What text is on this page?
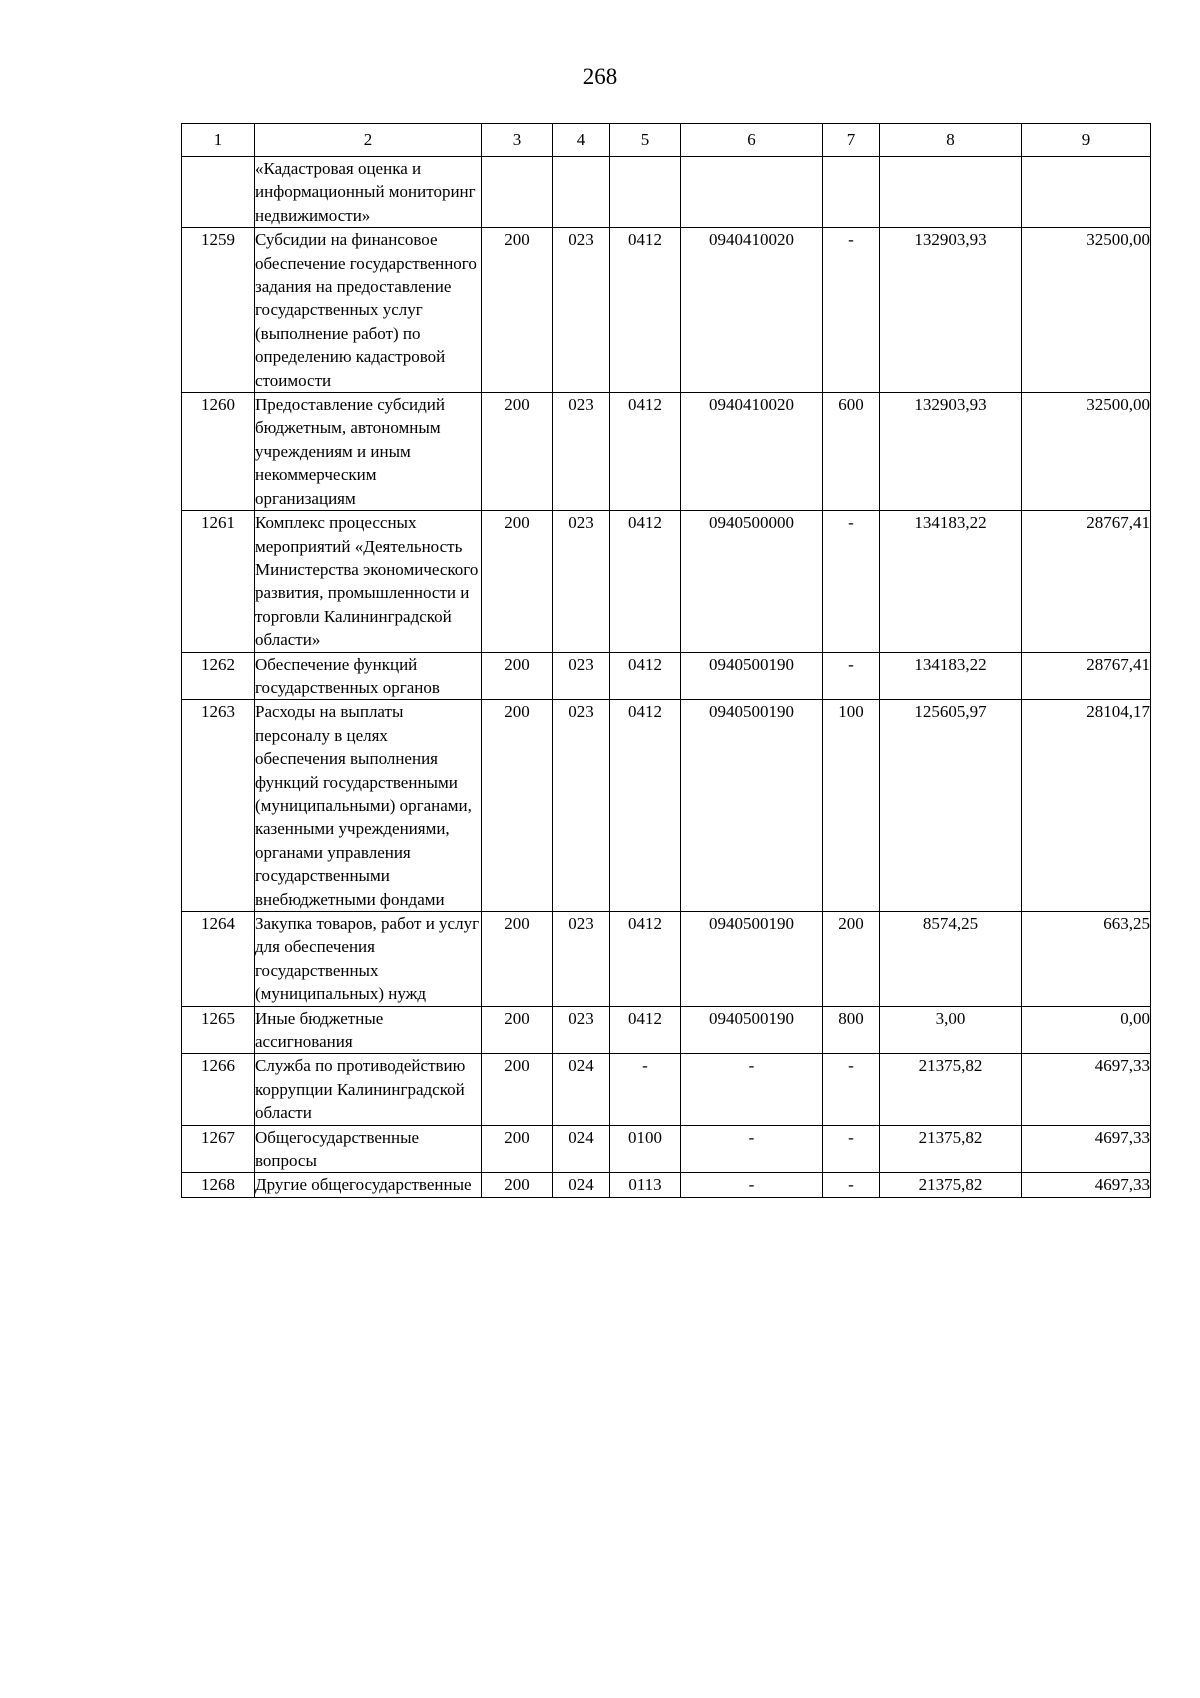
268
1	2	3	4	5	6	7	8	9
	«Кадастровая оценка и информационный мониторинг недвижимости»							
1259	Субсидии на финансовое обеспечение государственного задания на предоставление государственных услуг (выполнение работ) по определению кадастровой стоимости	200	023	0412	0940410020	-	132903,93	32500,00
1260	Предоставление субсидий бюджетным, автономным учреждениям и иным некоммерческим организациям	200	023	0412	0940410020	600	132903,93	32500,00
1261	Комплекс процессных мероприятий «Деятельность Министерства экономического развития, промышленности и торговли Калининградской области»	200	023	0412	0940500000	-	134183,22	28767,41
1262	Обеспечение функций государственных органов	200	023	0412	0940500190	-	134183,22	28767,41
1263	Расходы на выплаты персоналу в целях обеспечения выполнения функций государственными (муниципальными) органами, казенными учреждениями, органами управления государственными внебюджетными фондами	200	023	0412	0940500190	100	125605,97	28104,17
1264	Закупка товаров, работ и услуг для обеспечения государственных (муниципальных) нужд	200	023	0412	0940500190	200	8574,25	663,25
1265	Иные бюджетные ассигнования	200	023	0412	0940500190	800	3,00	0,00
1266	Служба по противодействию коррупции Калининградской области	200	024	-	-	-	21375,82	4697,33
1267	Общегосударственные вопросы	200	024	0100	-	-	21375,82	4697,33
1268	Другие общегосударственные	200	024	0113	-	-	21375,82	4697,33
